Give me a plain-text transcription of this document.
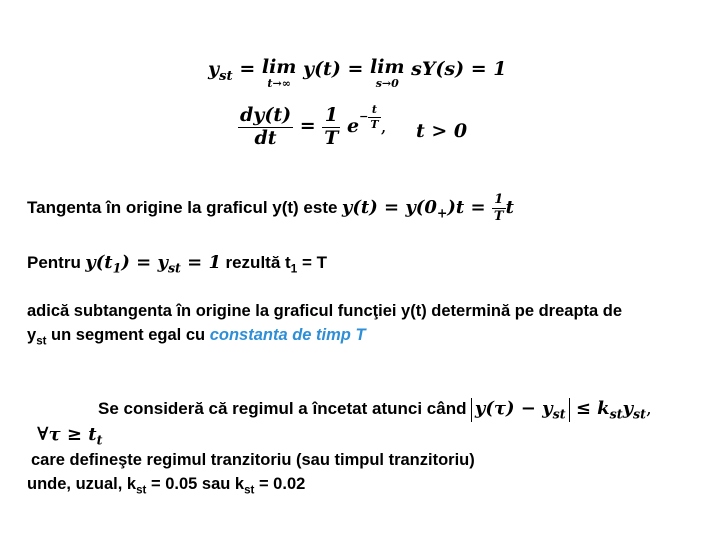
$y_{st} = \lim$
t→∞
y(t) = lim
s→0
sY(s) = 1
$\frac{dy(t)}{dt} = \frac{1}{T} e- \frac{t}{T}$ , t > 0
Tangenta în origine la graficul y(t) este $y(t) = y(0_+)t = \frac{1}{T}$ t
Pentru $y(t_1) = y_{st} = 1$ rezultă $t_1 = T$
adică subtangenta în origine la graficul funcţiei y(t) determină pe dreapta de
$y_{st}$ un segment egal cu constanta de timp T
Se consideră că regimul a încetat atunci când $y(\tau) - y_{st} \le k_{st}y_{st}$,
∀τ ≥ $t_t$
care defineşte regimul tranzitoriu (sau timpul tranzitoriu)
unde, uzual, $k_{st} = 0.05$ sau $k_{st} = 0.02$
